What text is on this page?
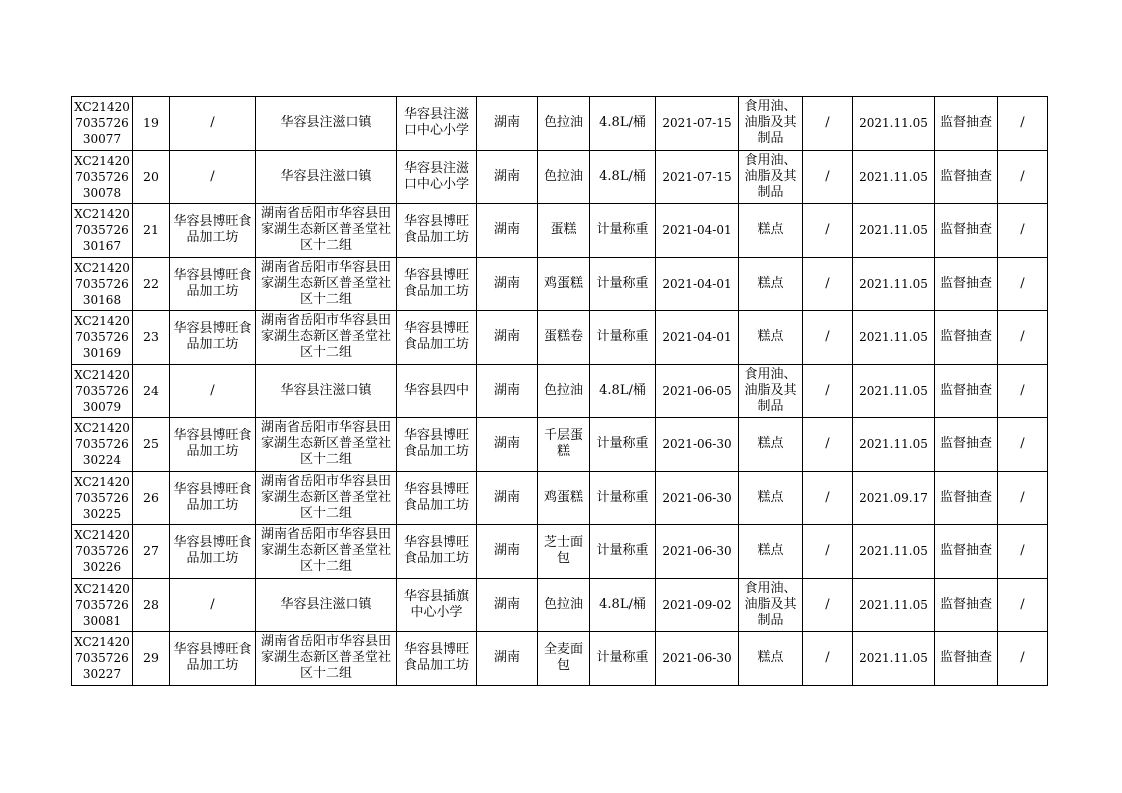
XC21420703572630077	19	/	华容县注滋口镇	华容县注滋口中心小学	湖南	色拉油	4.8L/桶	2021-07-15	食用油、油脂及其制品	/	2021.11.05	监督抽查	/
XC21420703572630078	20	/	华容县注滋口镇	华容县注滋口中心小学	湖南	色拉油	4.8L/桶	2021-07-15	食用油、油脂及其制品	/	2021.11.05	监督抽查	/
XC21420703572630167	21	华容县博旺食品加工坊	湖南省岳阳市华容县田家湖生态新区普圣堂社区十二组	华容县博旺食品加工坊	湖南	蛋糕	计量称重	2021-04-01	糕点	/	2021.11.05	监督抽查	/
XC21420703572630168	22	华容县博旺食品加工坊	湖南省岳阳市华容县田家湖生态新区普圣堂社区十二组	华容县博旺食品加工坊	湖南	鸡蛋糕	计量称重	2021-04-01	糕点	/	2021.11.05	监督抽查	/
XC21420703572630169	23	华容县博旺食品加工坊	湖南省岳阳市华容县田家湖生态新区普圣堂社区十二组	华容县博旺食品加工坊	湖南	蛋糕卷	计量称重	2021-04-01	糕点	/	2021.11.05	监督抽查	/
XC21420703572630079	24	/	华容县注滋口镇	华容县四中	湖南	色拉油	4.8L/桶	2021-06-05	食用油、油脂及其制品	/	2021.11.05	监督抽查	/
XC21420703572630224	25	华容县博旺食品加工坊	湖南省岳阳市华容县田家湖生态新区普圣堂社区十二组	华容县博旺食品加工坊	湖南	千层蛋糕	计量称重	2021-06-30	糕点	/	2021.11.05	监督抽查	/
XC21420703572630225	26	华容县博旺食品加工坊	湖南省岳阳市华容县田家湖生态新区普圣堂社区十二组	华容县博旺食品加工坊	湖南	鸡蛋糕	计量称重	2021-06-30	糕点	/	2021.09.17	监督抽查	/
XC21420703572630226	27	华容县博旺食品加工坊	湖南省岳阳市华容县田家湖生态新区普圣堂社区十二组	华容县博旺食品加工坊	湖南	芝士面包	计量称重	2021-06-30	糕点	/	2021.11.05	监督抽查	/
XC21420703572630081	28	/	华容县注滋口镇	华容县插旗中心小学	湖南	色拉油	4.8L/桶	2021-09-02	食用油、油脂及其制品	/	2021.11.05	监督抽查	/
XC21420703572630227	29	华容县博旺食品加工坊	湖南省岳阳市华容县田家湖生态新区普圣堂社区十二组	华容县博旺食品加工坊	湖南	全麦面包	计量称重	2021-06-30	糕点	/	2021.11.05	监督抽查	/
